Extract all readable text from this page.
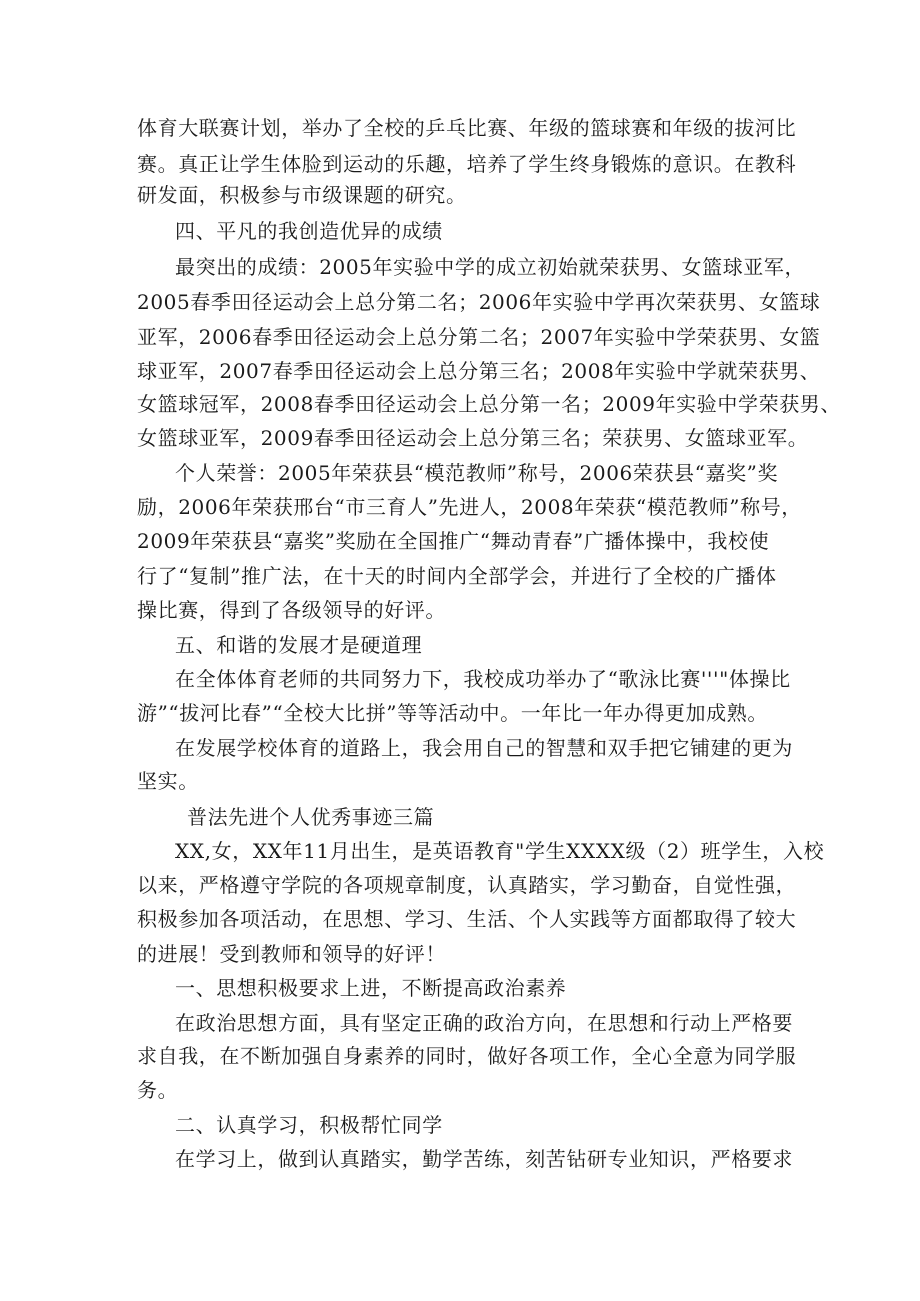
体育大联赛计划，举办了全校的乒乓比赛、年级的篮球赛和年级的拔河比
赛。真正让学生体脸到运动的乐趣，培养了学生终身锻炼的意识。在教科
研发面，积极参与市级课题的研究。
四、平凡的我创造优异的成绩
最突出的成绩：2005年实验中学的成立初始就荣获男、女篮球亚军，
2005春季田径运动会上总分第二名；2006年实验中学再次荣获男、女篮球
亚军，2006春季田径运动会上总分第二名；2007年实验中学荣获男、女篮
球亚军，2007春季田径运动会上总分第三名；2008年实验中学就荣获男、
女篮球冠军，2008春季田径运动会上总分第一名；2009年实验中学荣获男、
女篮球亚军，2009春季田径运动会上总分第三名；荣获男、女篮球亚军。
个人荣誉：2005年荣获县“模范教师”称号，2006荣获县“嘉奖”奖
励，2006年荣获邢台“市三育人”先进人，2008年荣获“模范教师”称号，
2009年荣获县“嘉奖”奖励在全国推广“舞动青春”广播体操中，我校使
行了“复制”推广法，在十天的时间内全部学会，并进行了全校的广播体
操比赛，得到了各级领导的好评。
五、和谐的发展才是硬道理
在全体体育老师的共同努力下，我校成功举办了“歌泳比赛'''"体操比
游”“拔河比春”“全校大比拼”等等活动中。一年比一年办得更加成熟。
在发展学校体育的道路上，我会用自己的智慧和双手把它铺建的更为
坚实。
普法先进个人优秀事迹三篇
XX,女，XX年11月出生，是英语教育"学生XXXX级（2）班学生，入校
以来，严格遵守学院的各项规章制度，认真踏实，学习勤奋，自觉性强，
积极参加各项活动，在思想、学习、生活、个人实践等方面都取得了较大
的进展！受到教师和领导的好评！
一、思想积极要求上进，不断提高政治素养
在政治思想方面，具有坚定正确的政治方向，在思想和行动上严格要
求自我，在不断加强自身素养的同时，做好各项工作，全心全意为同学服
务。
二、认真学习，积极帮忙同学
在学习上，做到认真踏实，勤学苦练，刻苦钻研专业知识，严格要求
